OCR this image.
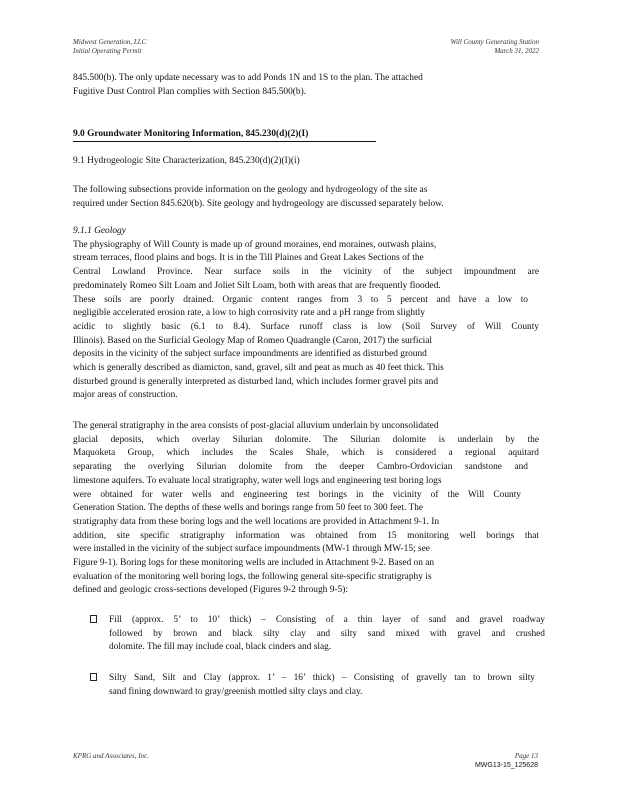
Midwest Generation, LLC
Initial Operating Permit
Will County Generating Station
March 31, 2022
845.500(b). The only update necessary was to add Ponds 1N and 1S to the plan. The attached
Fugitive Dust Control Plan complies with Section 845.500(b).
9.0 Groundwater Monitoring Information, 845.230(d)(2)(I)
9.1 Hydrogeologic Site Characterization, 845.230(d)(2)(I)(i)
The following subsections provide information on the geology and hydrogeology of the site as
required under Section 845.620(b). Site geology and hydrogeology are discussed separately below.
9.1.1 Geology
The physiography of Will County is made up of ground moraines, end moraines, outwash plains,
stream terraces, flood plains and bogs. It is in the Till Plaines and Great Lakes Sections of the
Central Lowland Province. Near surface soils in the vicinity of the subject impoundment are
predominately Romeo Silt Loam and Joliet Silt Loam, both with areas that are frequently flooded.
These soils are poorly drained. Organic content ranges from 3 to 5 percent and have a low to
negligible accelerated erosion rate, a low to high corrosivity rate and a pH range from slightly
acidic to slightly basic (6.1 to 8.4). Surface runoff class is low (Soil Survey of Will County
Illinois). Based on the Surficial Geology Map of Romeo Quadrangle (Caron, 2017) the surficial
deposits in the vicinity of the subject surface impoundments are identified as disturbed ground
which is generally described as diamicton, sand, gravel, silt and peat as much as 40 feet thick. This
disturbed ground is generally interpreted as disturbed land, which includes former gravel pits and
major areas of construction.
The general stratigraphy in the area consists of post-glacial alluvium underlain by unconsolidated
glacial deposits, which overlay Silurian dolomite. The Silurian dolomite is underlain by the
Maquoketa Group, which includes the Scales Shale, which is considered a regional aquitard
separating the overlying Silurian dolomite from the deeper Cambro-Ordovician sandstone and
limestone aquifers. To evaluate local stratigraphy, water well logs and engineering test boring logs
were obtained for water wells and engineering test borings in the vicinity of the Will County
Generation Station. The depths of these wells and borings range from 50 feet to 300 feet. The
stratigraphy data from these boring logs and the well locations are provided in Attachment 9-1. In
addition, site specific stratigraphy information was obtained from 15 monitoring well borings that
were installed in the vicinity of the subject surface impoundments (MW-1 through MW-15; see
Figure 9-1). Boring logs for these monitoring wells are included in Attachment 9-2. Based on an
evaluation of the monitoring well boring logs, the following general site-specific stratigraphy is
defined and geologic cross-sections developed (Figures 9-2 through 9-5):
Fill (approx. 5’ to 10’ thick) – Consisting of a thin layer of sand and gravel roadway
followed by brown and black silty clay and silty sand mixed with gravel and crushed
dolomite. The fill may include coal, black cinders and slag.
Silty Sand, Silt and Clay (approx. 1’ – 16’ thick) – Consisting of gravelly tan to brown silty
sand fining downward to gray/greenish mottled silty clays and clay.
KPRG and Associates, Inc.	Page 13
MWG13-15_125628
